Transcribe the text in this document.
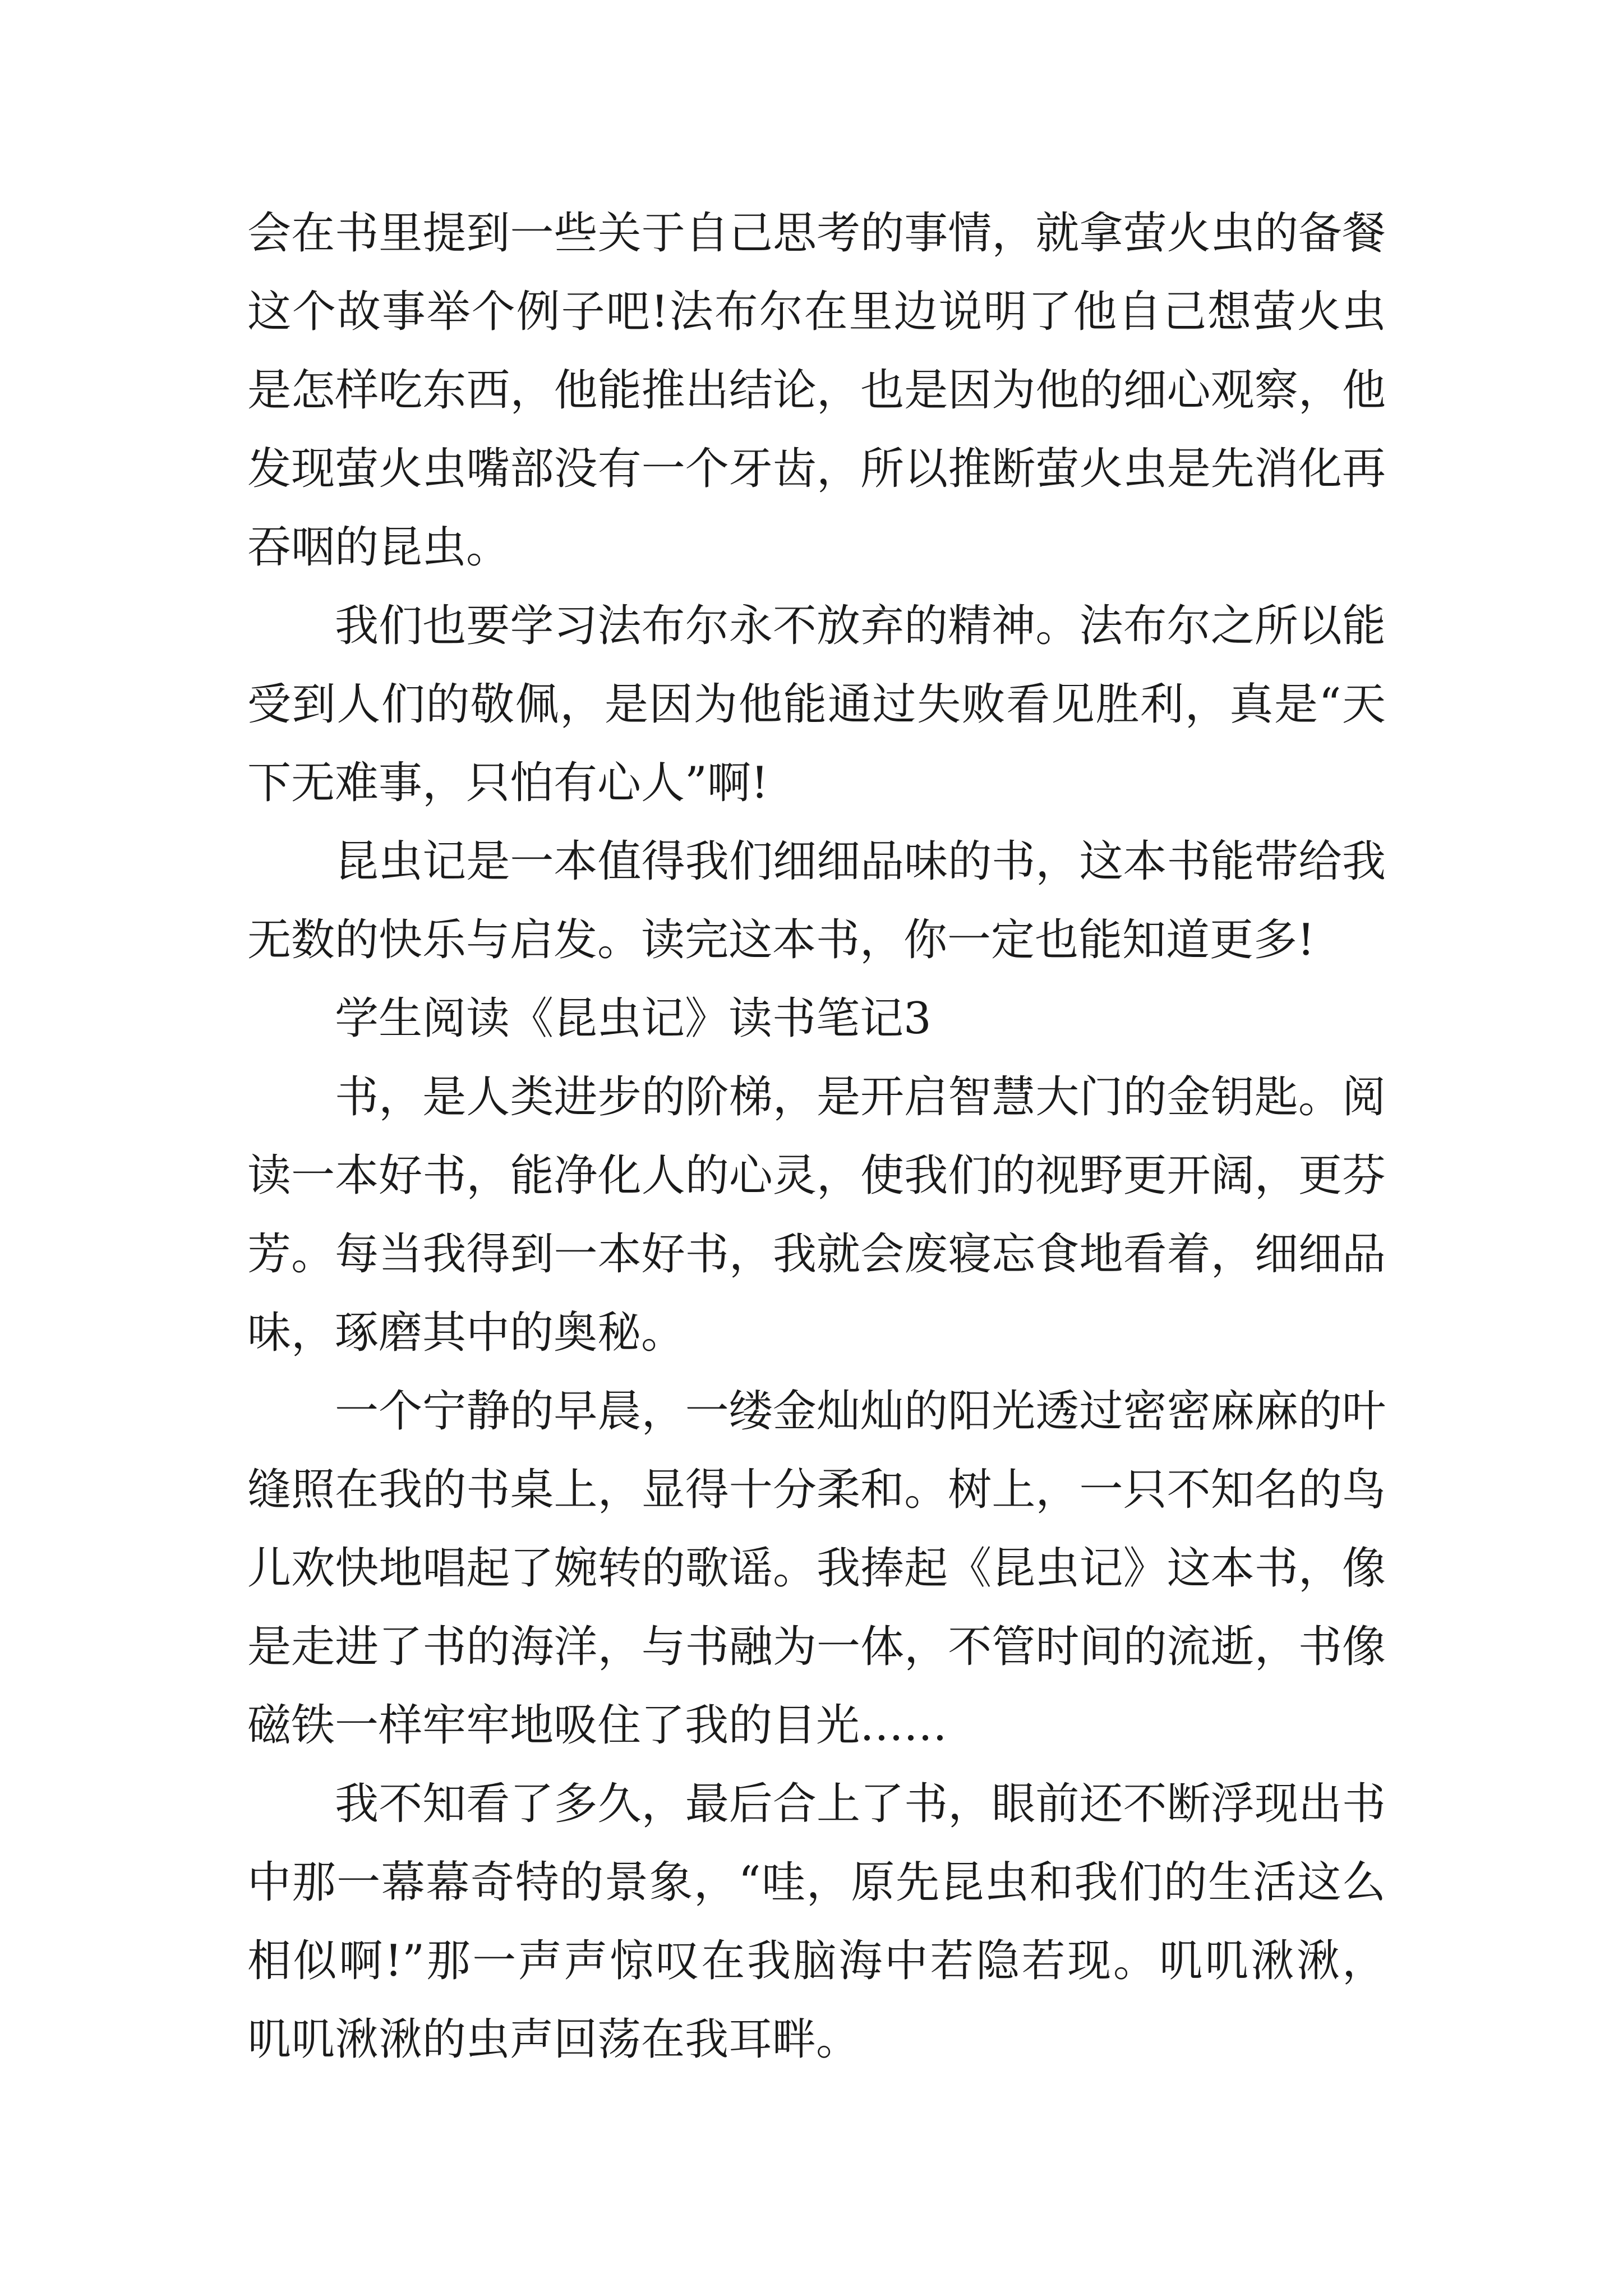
会在书里提到一些关于自己思考的事情，就拿萤火虫的备餐
这个故事举个例子吧!法布尔在里边说明了他自己想萤火虫
是怎样吃东西，他能推出结论，也是因为他的细心观察，他
发现萤火虫嘴部没有一个牙齿，所以推断萤火虫是先消化再
吞咽的昆虫。
我们也要学习法布尔永不放弃的精神。法布尔之所以能
受到人们的敬佩，是因为他能通过失败看见胜利，真是“天
下无难事，只怕有心人”啊!
昆虫记是一本值得我们细细品味的书，这本书能带给我
无数的快乐与启发。读完这本书，你一定也能知道更多!
学生阅读《昆虫记》读书笔记3
书，是人类进步的阶梯，是开启智慧大门的金钥匙。阅
读一本好书，能净化人的心灵，使我们的视野更开阔，更芬
芳。每当我得到一本好书，我就会废寝忘食地看着，细细品
味，琢磨其中的奥秘。
一个宁静的早晨，一缕金灿灿的阳光透过密密麻麻的叶
缝照在我的书桌上，显得十分柔和。树上，一只不知名的鸟
儿欢快地唱起了婉转的歌谣。我捧起《昆虫记》这本书，像
是走进了书的海洋，与书融为一体，不管时间的流逝，书像
磁铁一样牢牢地吸住了我的目光……
我不知看了多久，最后合上了书，眼前还不断浮现出书
中那一幕幕奇特的景象，“哇，原先昆虫和我们的生活这么
相似啊!”那一声声惊叹在我脑海中若隐若现。叽叽湫湫，
叽叽湫湫的虫声回荡在我耳畔。
